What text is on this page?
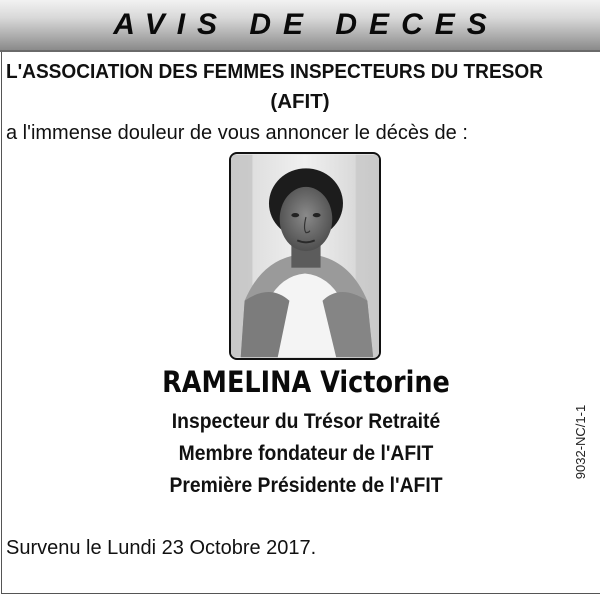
AVIS DE DECES
L'ASSOCIATION DES FEMMES INSPECTEURS DU TRESOR
(AFIT)
a l'immense douleur de vous annoncer le décès de :
RAMELINA Victorine
Inspecteur du Trésor Retraité
Membre fondateur de l'AFIT
Première Présidente de l'AFIT
Survenu le Lundi 23 Octobre 2017.
9032-NC/1-1
